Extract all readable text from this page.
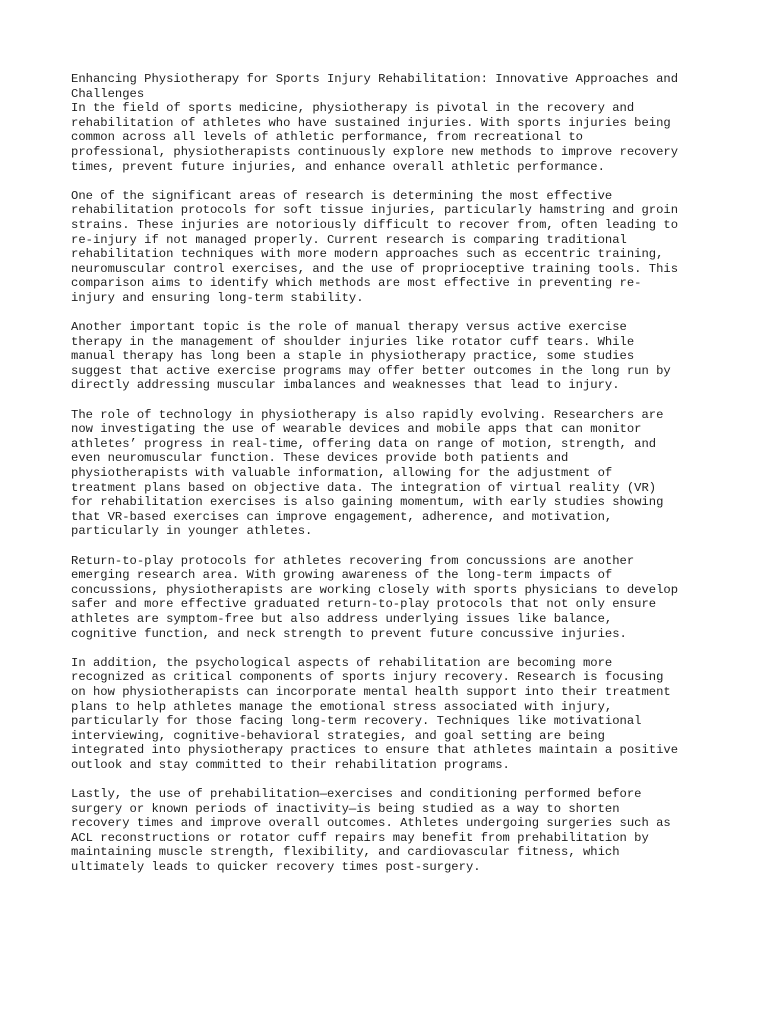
Enhancing Physiotherapy for Sports Injury Rehabilitation: Innovative Approaches and
Challenges

In the field of sports medicine, physiotherapy is pivotal in the recovery and
rehabilitation of athletes who have sustained injuries. With sports injuries being
common across all levels of athletic performance, from recreational to
professional, physiotherapists continuously explore new methods to improve recovery
times, prevent future injuries, and enhance overall athletic performance.

One of the significant areas of research is determining the most effective
rehabilitation protocols for soft tissue injuries, particularly hamstring and groin
strains. These injuries are notoriously difficult to recover from, often leading to
re-injury if not managed properly. Current research is comparing traditional
rehabilitation techniques with more modern approaches such as eccentric training,
neuromuscular control exercises, and the use of proprioceptive training tools. This
comparison aims to identify which methods are most effective in preventing re-
injury and ensuring long-term stability.

Another important topic is the role of manual therapy versus active exercise
therapy in the management of shoulder injuries like rotator cuff tears. While
manual therapy has long been a staple in physiotherapy practice, some studies
suggest that active exercise programs may offer better outcomes in the long run by
directly addressing muscular imbalances and weaknesses that lead to injury.

The role of technology in physiotherapy is also rapidly evolving. Researchers are
now investigating the use of wearable devices and mobile apps that can monitor
athletes’ progress in real-time, offering data on range of motion, strength, and
even neuromuscular function. These devices provide both patients and
physiotherapists with valuable information, allowing for the adjustment of
treatment plans based on objective data. The integration of virtual reality (VR)
for rehabilitation exercises is also gaining momentum, with early studies showing
that VR-based exercises can improve engagement, adherence, and motivation,
particularly in younger athletes.

Return-to-play protocols for athletes recovering from concussions are another
emerging research area. With growing awareness of the long-term impacts of
concussions, physiotherapists are working closely with sports physicians to develop
safer and more effective graduated return-to-play protocols that not only ensure
athletes are symptom-free but also address underlying issues like balance,
cognitive function, and neck strength to prevent future concussive injuries.

In addition, the psychological aspects of rehabilitation are becoming more
recognized as critical components of sports injury recovery. Research is focusing
on how physiotherapists can incorporate mental health support into their treatment
plans to help athletes manage the emotional stress associated with injury,
particularly for those facing long-term recovery. Techniques like motivational
interviewing, cognitive-behavioral strategies, and goal setting are being
integrated into physiotherapy practices to ensure that athletes maintain a positive
outlook and stay committed to their rehabilitation programs.

Lastly, the use of prehabilitation—exercises and conditioning performed before
surgery or known periods of inactivity—is being studied as a way to shorten
recovery times and improve overall outcomes. Athletes undergoing surgeries such as
ACL reconstructions or rotator cuff repairs may benefit from prehabilitation by
maintaining muscle strength, flexibility, and cardiovascular fitness, which
ultimately leads to quicker recovery times post-surgery.
